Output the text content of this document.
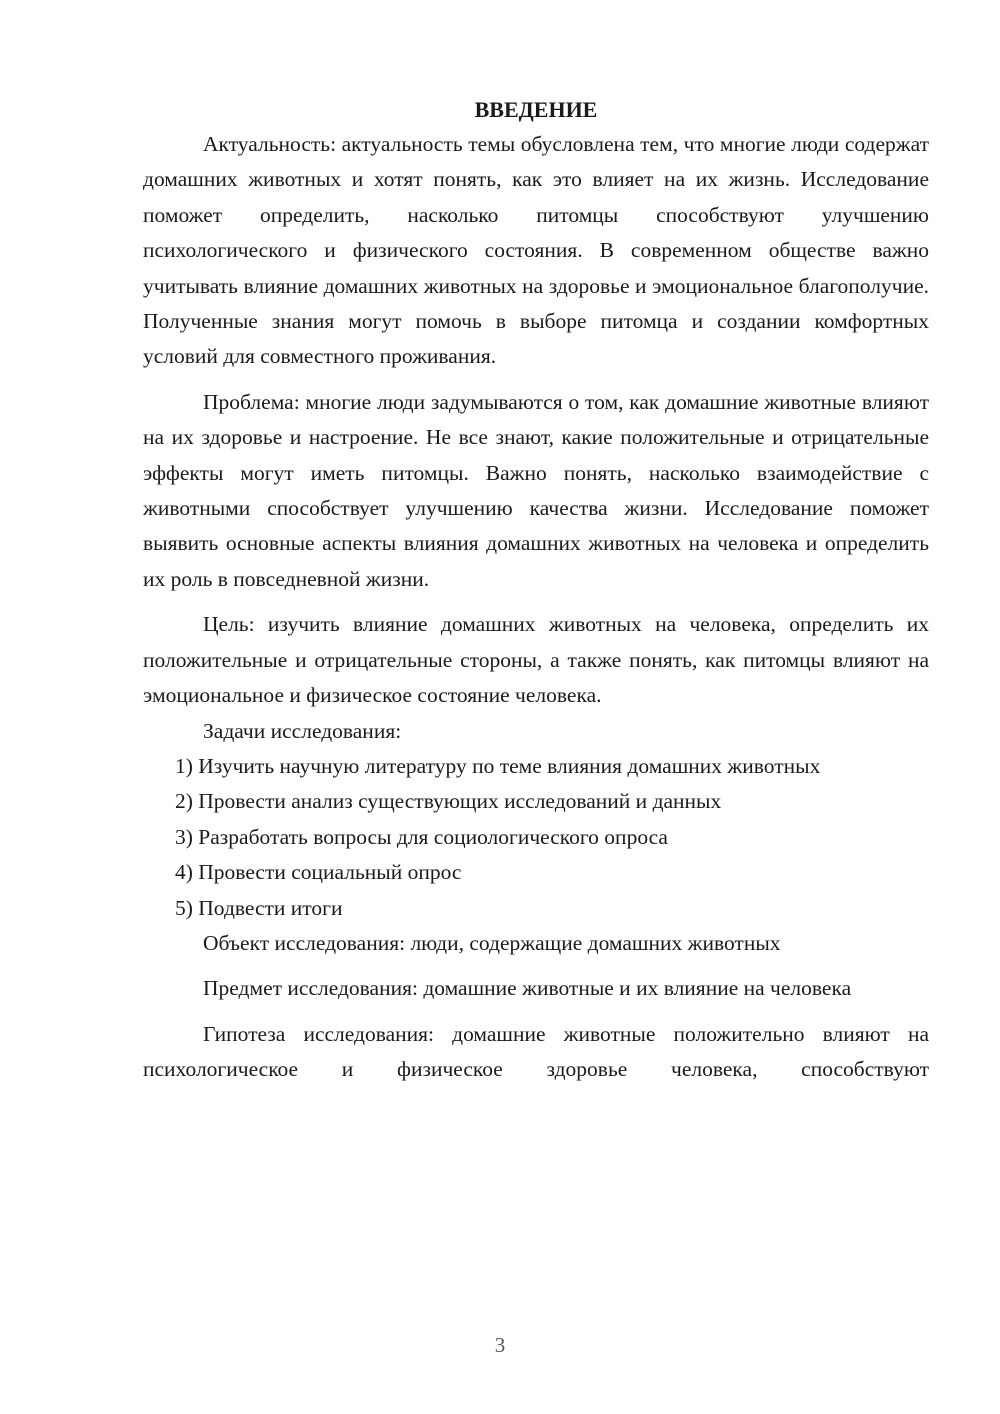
ВВЕДЕНИЕ

Актуальность: актуальность темы обусловлена тем, что многие люди содержат домашних животных и хотят понять, как это влияет на их жизнь. Исследование поможет определить, насколько питомцы способствуют улучшению психологического и физического состояния. В современном обществе важно учитывать влияние домашних животных на здоровье и эмоциональное благополучие. Полученные знания могут помочь в выборе питомца и создании комфортных условий для совместного проживания.

Проблема: многие люди задумываются о том, как домашние животные влияют на их здоровье и настроение. Не все знают, какие положительные и отрицательные эффекты могут иметь питомцы. Важно понять, насколько взаимодействие с животными способствует улучшению качества жизни. Исследование поможет выявить основные аспекты влияния домашних животных на человека и определить их роль в повседневной жизни.

Цель: изучить влияние домашних животных на человека, определить их положительные и отрицательные стороны, а также понять, как питомцы влияют на эмоциональное и физическое состояние человека.

Задачи исследования:

1) Изучить научную литературу по теме влияния домашних животных

2) Провести анализ существующих исследований и данных

3) Разработать вопросы для социологического опроса

4) Провести социальный опрос

5) Подвести итоги

Объект исследования: люди, содержащие домашних животных

Предмет исследования: домашние животные и их влияние на человека

Гипотеза исследования: домашние животные положительно влияют на психологическое и физическое здоровье человека, способствуют

3
